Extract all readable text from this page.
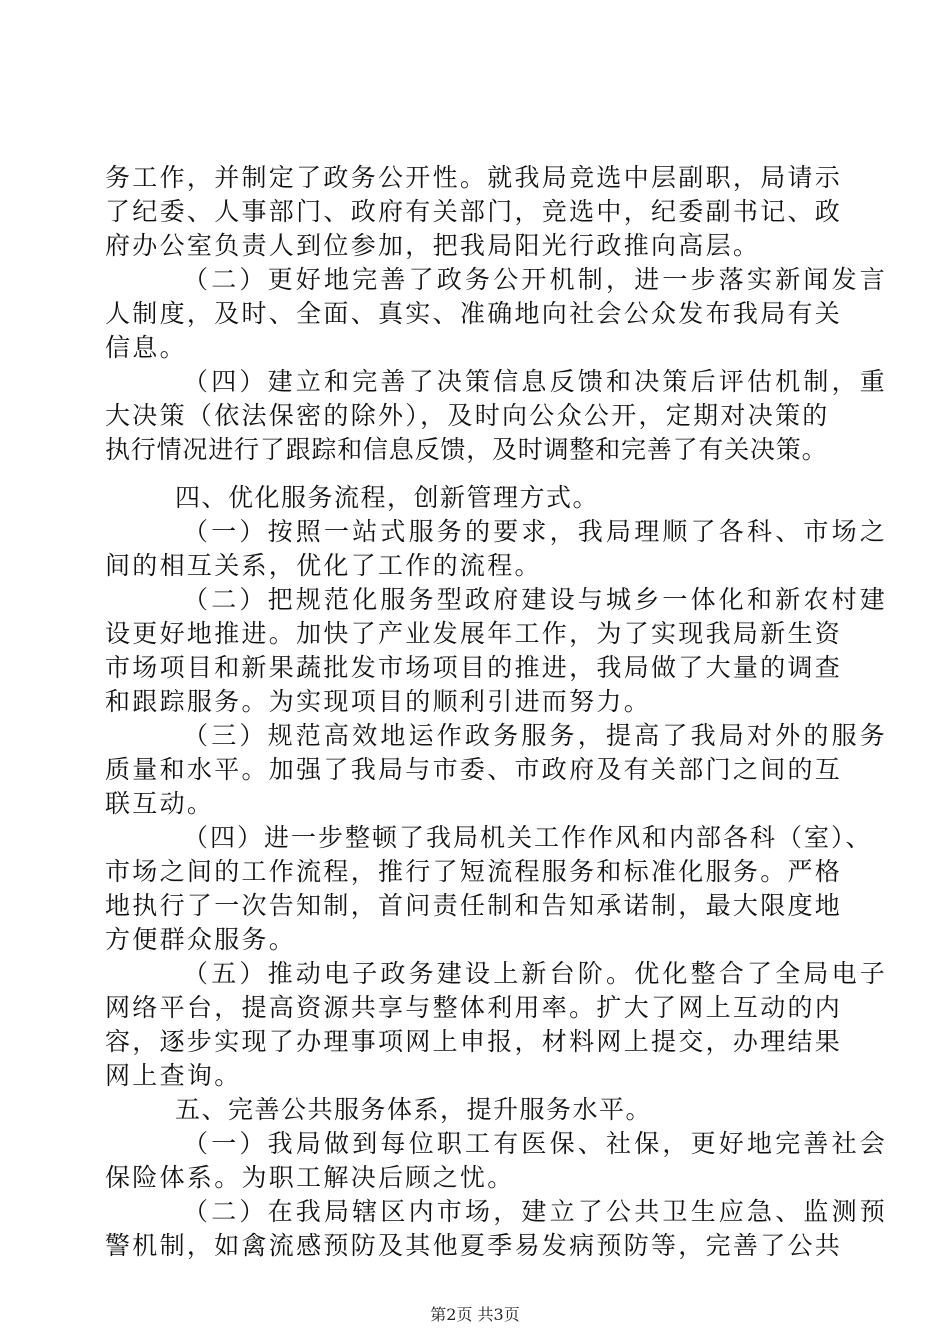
务工作，并制定了政务公开性。就我局竞选中层副职，局请示
了纪委、人事部门、政府有关部门，竞选中，纪委副书记、政
府办公室负责人到位参加，把我局阳光行政推向高层。
（二）更好地完善了政务公开机制，进一步落实新闻发言
人制度，及时、全面、真实、准确地向社会公众发布我局有关
信息。
（四）建立和完善了决策信息反馈和决策后评估机制，重
大决策（依法保密的除外），及时向公众公开，定期对决策的
执行情况进行了跟踪和信息反馈，及时调整和完善了有关决策。
四、优化服务流程，创新管理方式。
（一）按照一站式服务的要求，我局理顺了各科、市场之
间的相互关系，优化了工作的流程。
（二）把规范化服务型政府建设与城乡一体化和新农村建
设更好地推进。加快了产业发展年工作，为了实现我局新生资
市场项目和新果蔬批发市场项目的推进，我局做了大量的调查
和跟踪服务。为实现项目的顺利引进而努力。
（三）规范高效地运作政务服务，提高了我局对外的服务
质量和水平。加强了我局与市委、市政府及有关部门之间的互
联互动。
（四）进一步整顿了我局机关工作作风和内部各科（室）、
市场之间的工作流程，推行了短流程服务和标准化服务。严格
地执行了一次告知制，首问责任制和告知承诺制，最大限度地
方便群众服务。
（五）推动电子政务建设上新台阶。优化整合了全局电子
网络平台，提高资源共享与整体利用率。扩大了网上互动的内
容，逐步实现了办理事项网上申报，材料网上提交，办理结果
网上查询。
五、完善公共服务体系，提升服务水平。
（一）我局做到每位职工有医保、社保，更好地完善社会
保险体系。为职工解决后顾之忧。
（二）在我局辖区内市场，建立了公共卫生应急、监测预
警机制，如禽流感预防及其他夏季易发病预防等，完善了公共
第2页 共3页
